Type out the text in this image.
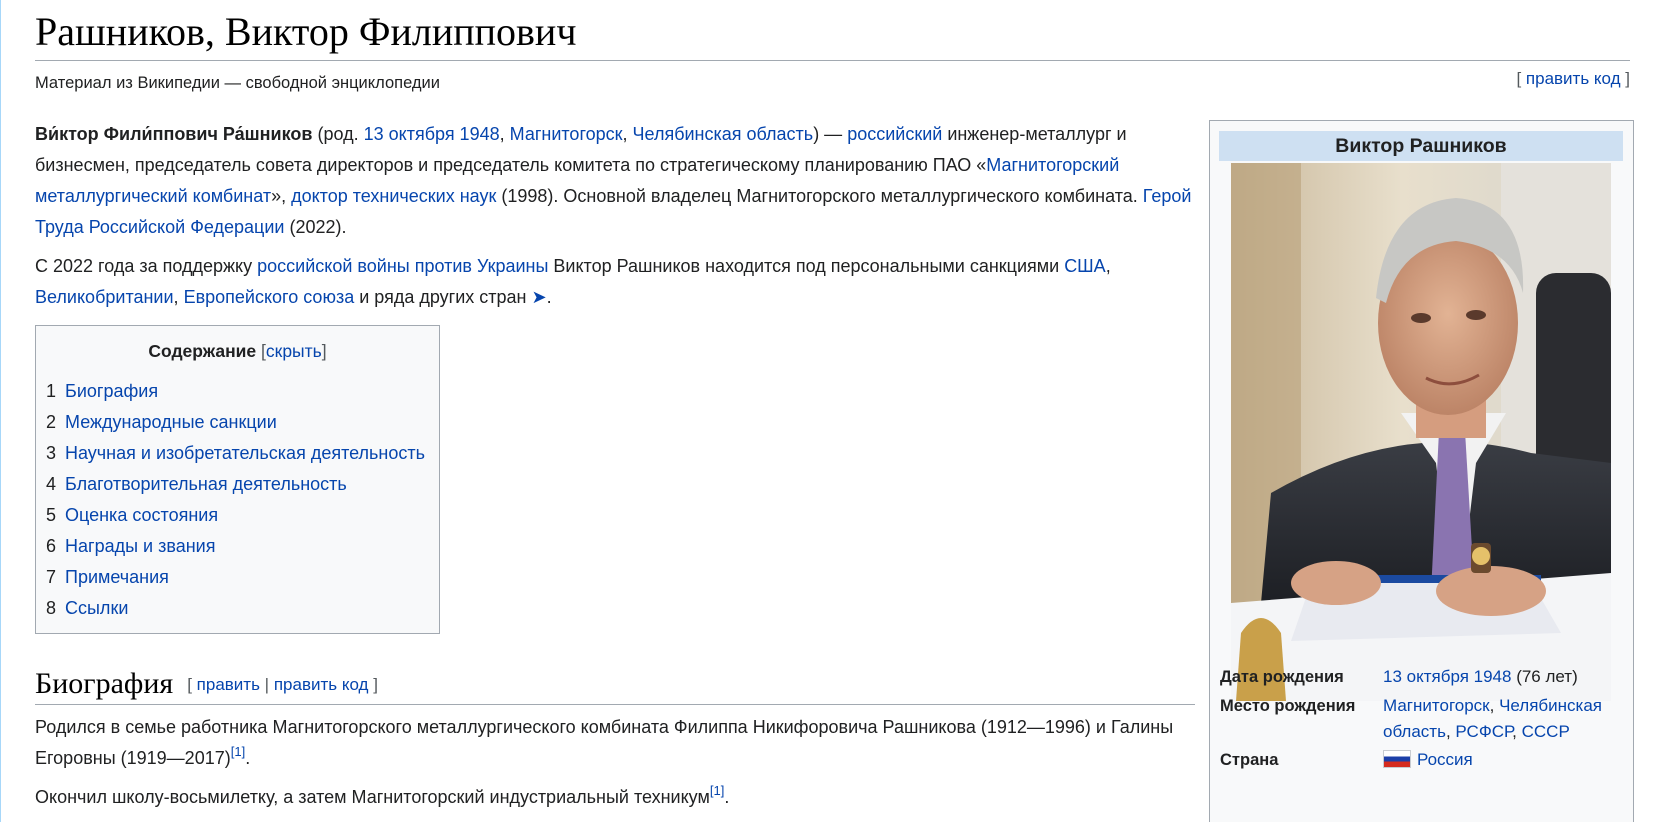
Рашников, Виктор Филиппович
Материал из Википедии — свободной энциклопедии	[ править код ]

Ви́ктор Фили́ппович Ра́шников (род. 13 октября 1948, Магнитогорск, Челябинская область) — российский инженер-металлург и бизнесмен, председатель совета директоров и председатель комитета по стратегическому планированию ПАО «Магнитогорский металлургический комбинат», доктор технических наук (1998). Основной владелец Магнитогорского металлургического комбината. Герой Труда Российской Федерации (2022).

С 2022 года за поддержку российской войны против Украины Виктор Рашников находится под персональными санкциями США, Великобритании, Европейского союза и ряда других стран ➤.

Содержание [скрыть]
1 Биография
2 Международные санкции
3 Научная и изобретательская деятельность
4 Благотворительная деятельность
5 Оценка состояния
6 Награды и звания
7 Примечания
8 Ссылки
Биография [ править | править код ]

Родился в семье работника Магнитогорского металлургического комбината Филиппа Никифоровича Рашникова (1912—1996) и Галины Егоровны (1919—2017)[1].

Окончил школу-восьмилетку, а затем Магнитогорский индустриальный техникум[1].

Виктор Рашников
Дата рождения 13 октября 1948 (76 лет)
Место рождения Магнитогорск, Челябинская область, РСФСР, СССР
Страна	Россия
